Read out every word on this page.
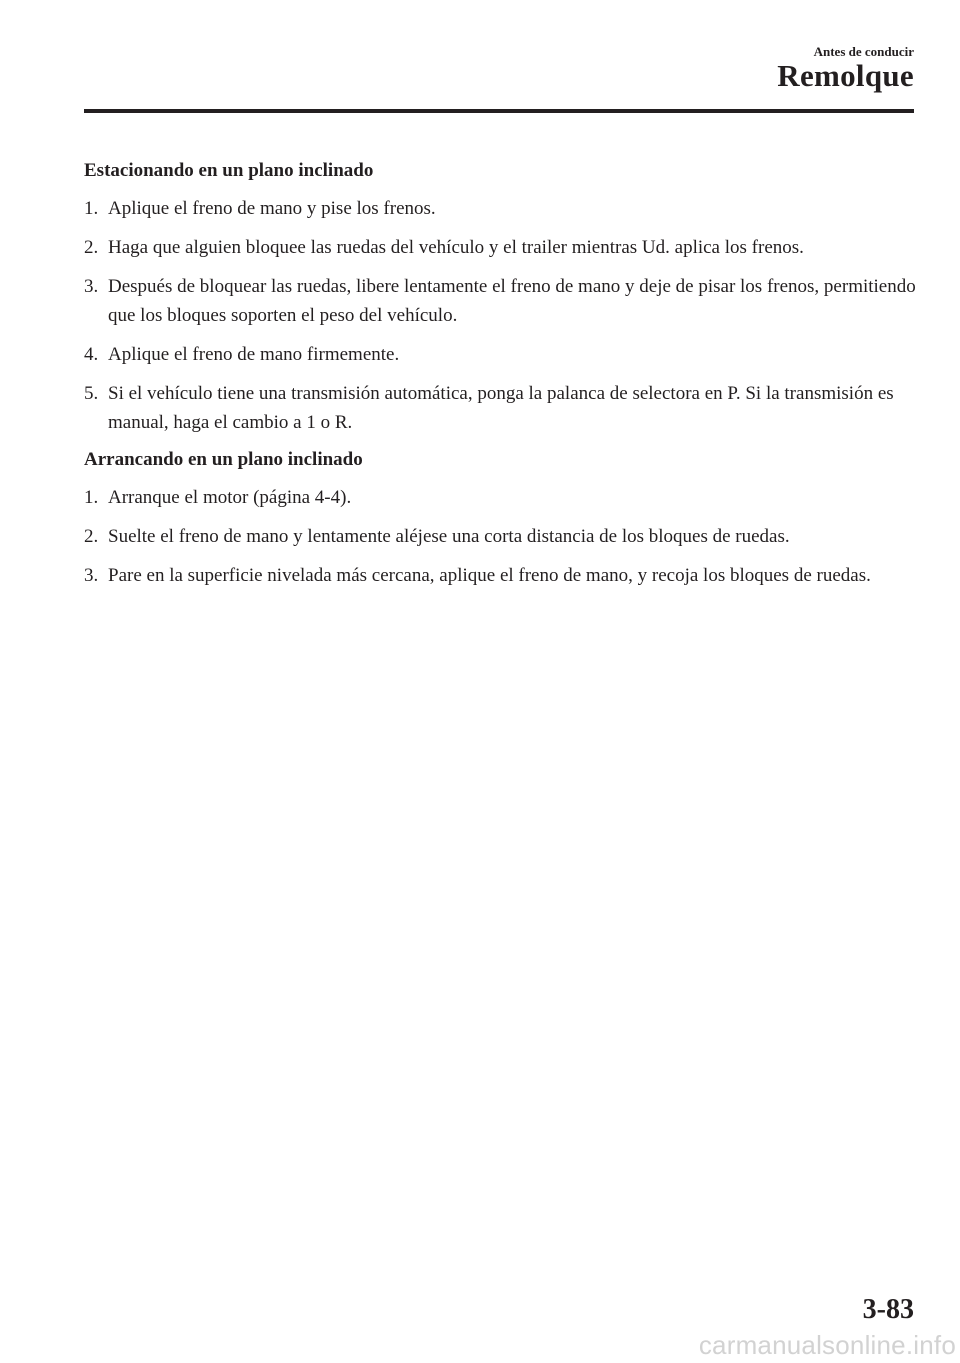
Antes de conducir
Remolque
Estacionando en un plano inclinado
1. Aplique el freno de mano y pise los frenos.
2. Haga que alguien bloquee las ruedas del vehículo y el trailer mientras Ud. aplica los frenos.
3. Después de bloquear las ruedas, libere lentamente el freno de mano y deje de pisar los frenos, permitiendo que los bloques soporten el peso del vehículo.
4. Aplique el freno de mano firmemente.
5. Si el vehículo tiene una transmisión automática, ponga la palanca de selectora en P. Si la transmisión es manual, haga el cambio a 1 o R.
Arrancando en un plano inclinado
1. Arranque el motor (página 4-4).
2. Suelte el freno de mano y lentamente aléjese una corta distancia de los bloques de ruedas.
3. Pare en la superficie nivelada más cercana, aplique el freno de mano, y recoja los bloques de ruedas.
3-83
carmanualsonline.info
